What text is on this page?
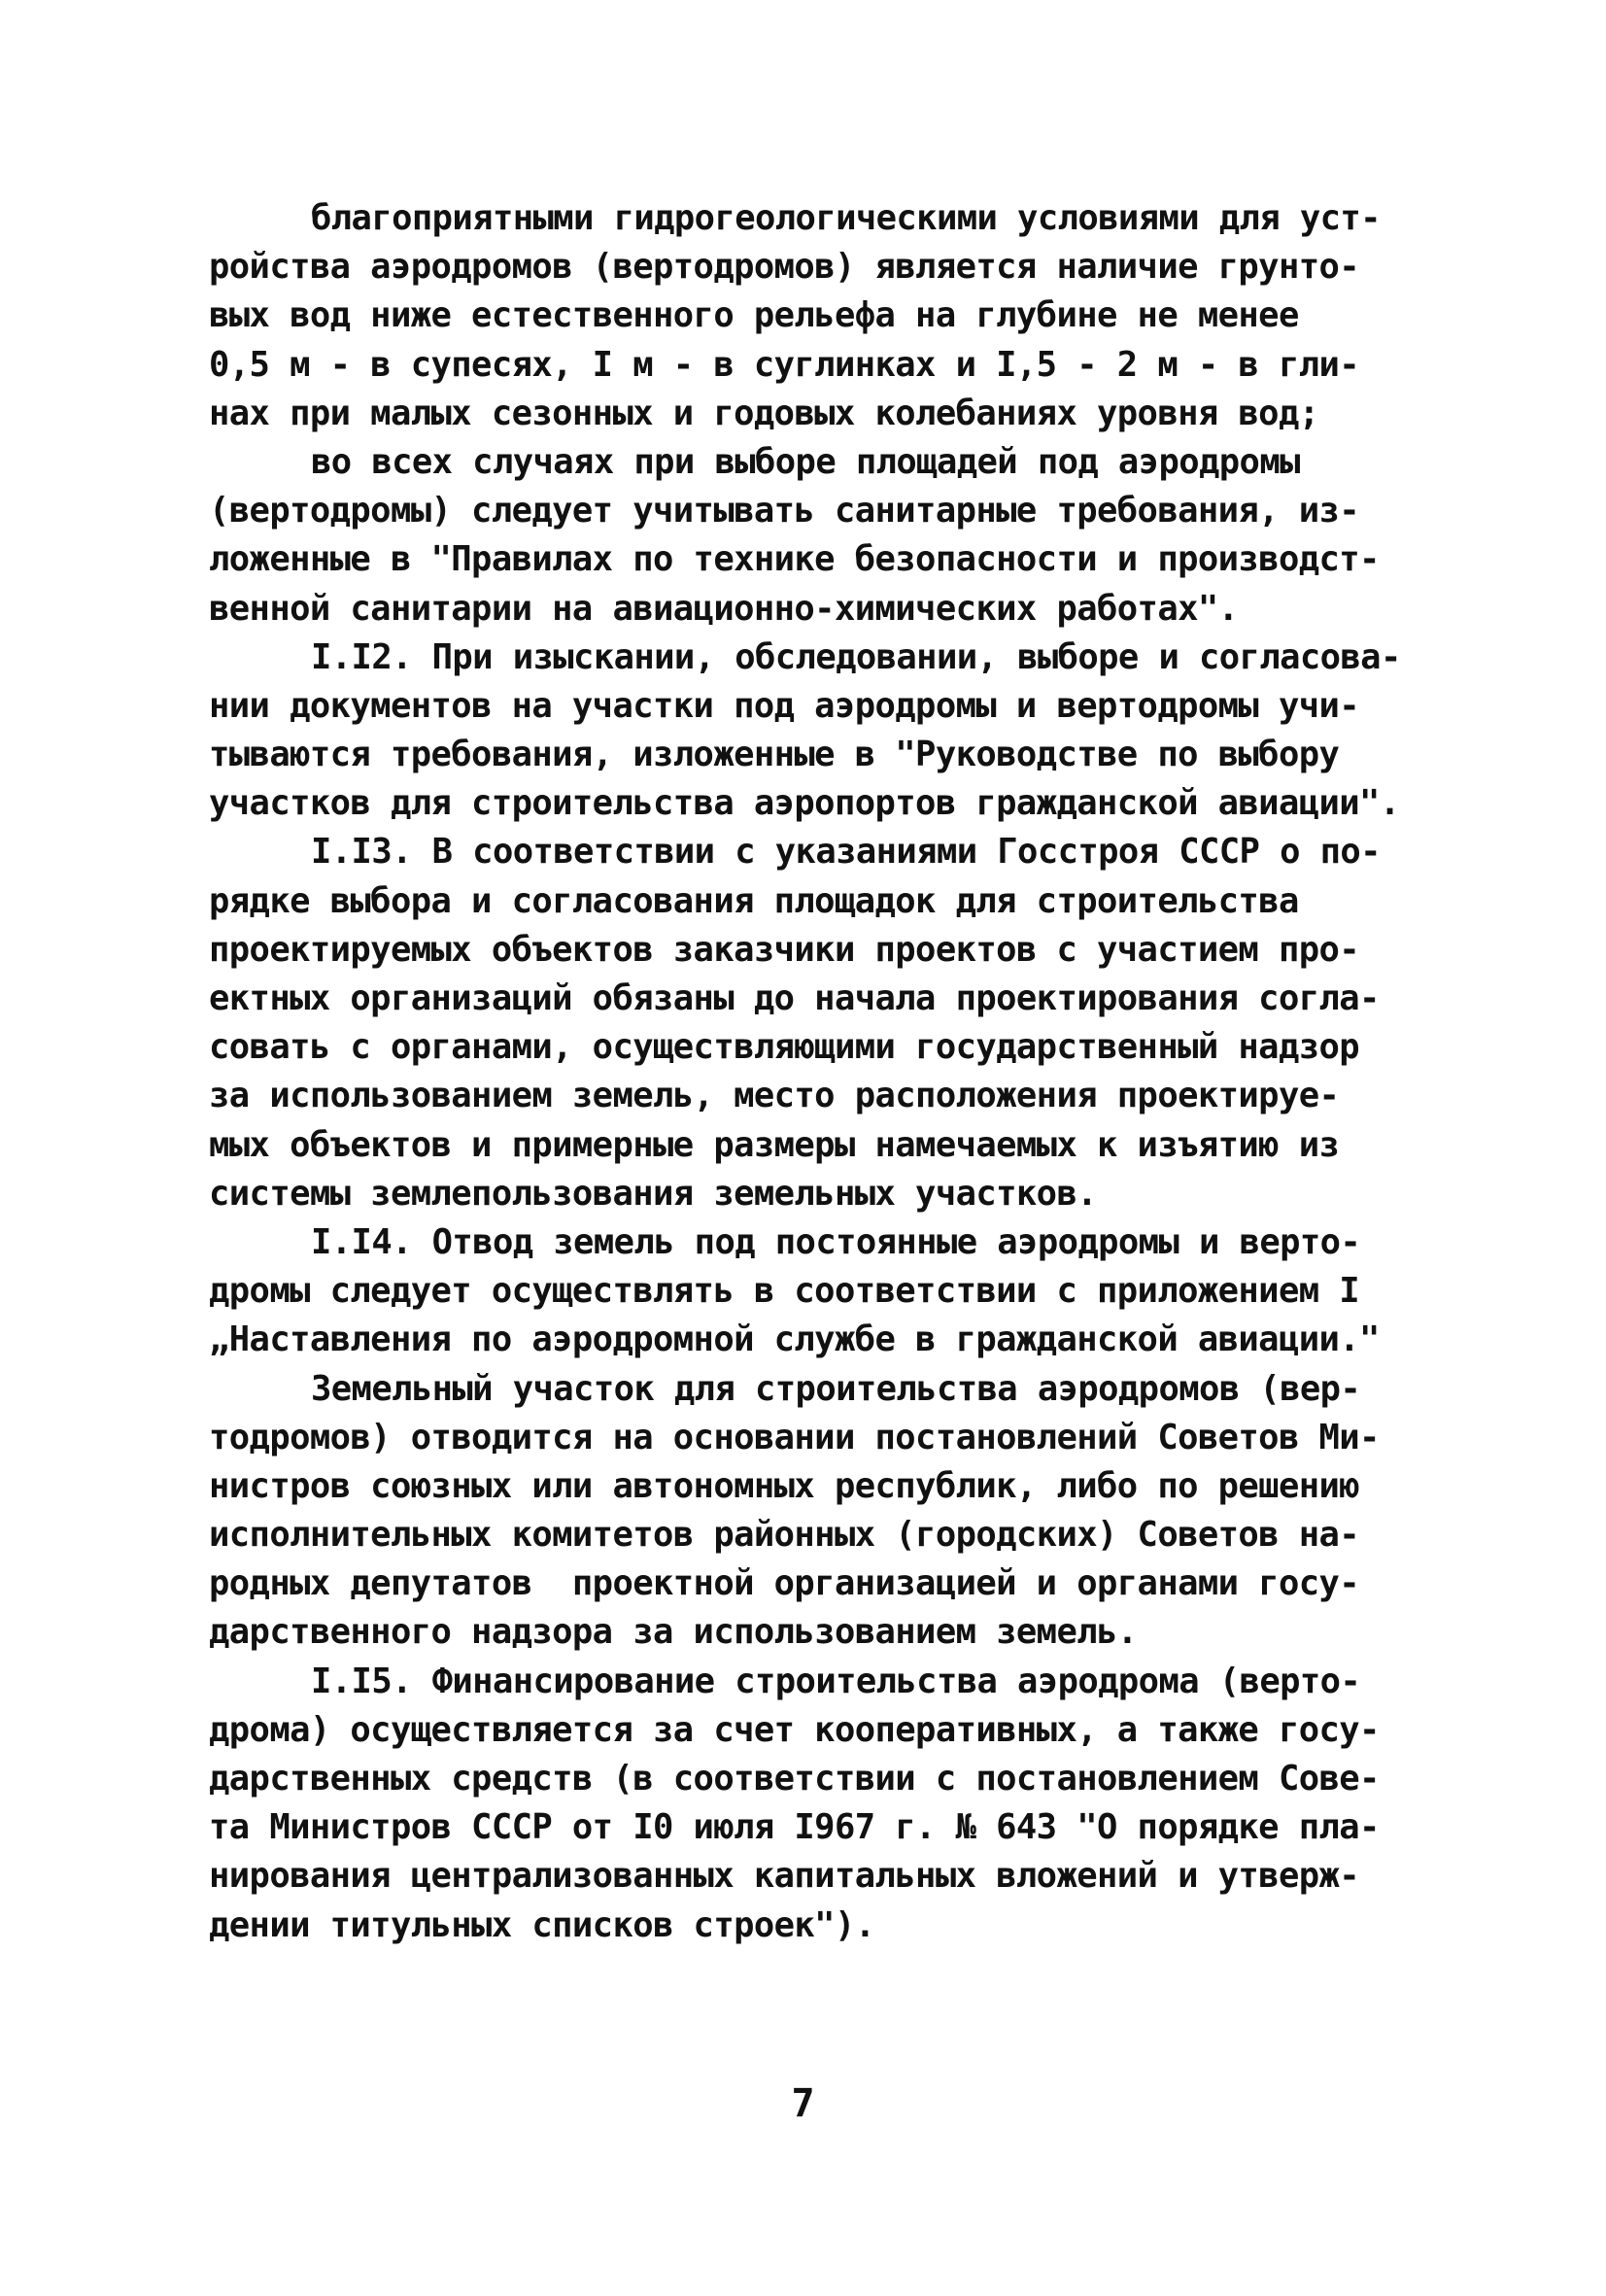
благоприятными гидрогеологическими условиями для уст-
ройства аэродромов (вертодромов) является наличие грунто-
вых вод ниже естественного рельефа на глубине не менее
0,5 м - в супесях, I м - в суглинках и I,5 - 2 м - в гли-
нах при малых сезонных и годовых колебаниях уровня вод;
во всех случаях при выборе площадей под аэродромы
(вертодромы) следует учитывать санитарные требования, из-
ложенные в "Правилах по технике безопасности и производст-
венной санитарии на авиационно-химических работах".
I.I2. При изыскании, обследовании, выборе и согласова-
нии документов на участки под аэродромы и вертодромы учи-
тываются требования, изложенные в "Руководстве по выбору
участков для строительства аэропортов гражданской авиации".
I.I3. В соответствии с указаниями Госстроя СССР о по-
рядке выбора и согласования площадок для строительства
проектируемых объектов заказчики проектов с участием про-
ектных организаций обязаны до начала проектирования согла-
совать с органами, осуществляющими государственный надзор
за использованием земель, место расположения проектируе-
мых объектов и примерные размеры намечаемых к изъятию из
системы землепользования земельных участков.
I.I4. Отвод земель под постоянные аэродромы и верто-
дромы следует осуществлять в соответствии с приложением I
„Наставления по аэродромной службе в гражданской авиации."
Земельный участок для строительства аэродромов (вер-
тодромов) отводится на основании постановлений Советов Ми-
нистров союзных или автономных республик, либо по решению
исполнительных комитетов районных (городских) Советов на-
родных депутатов  проектной организацией и органами госу-
дарственного надзора за использованием земель.
I.I5. Финансирование строительства аэродрома (верто-
дрома) осуществляется за счет кооперативных, а также госу-
дарственных средств (в соответствии с постановлением Сове-
та Министров СССР от I0 июля I967 г. № 643 "О порядке пла-
нирования централизованных капитальных вложений и утверж-
дении титульных списков строек").
7
